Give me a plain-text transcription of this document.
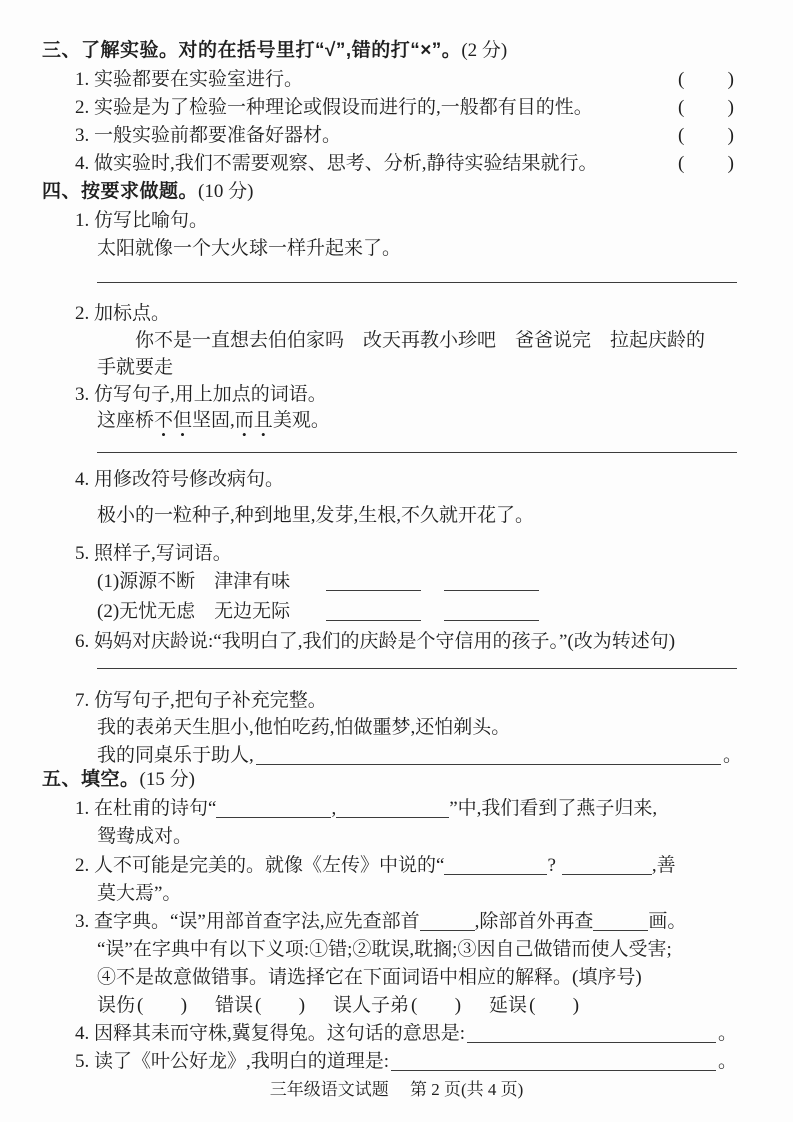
三、了解实验。对的在括号里打“√”,错的打“×”。(2 分)
1. 实验都要在实验室进行。	( )
2. 实验是为了检验一种理论或假设而进行的,一般都有目的性。	( )
3. 一般实验前都要准备好器材。	( )
4. 做实验时,我们不需要观察、思考、分析,静待实验结果就行。	( )
四、按要求做题。(10 分)
1. 仿写比喻句。
太阳就像一个大火球一样升起来了。
2. 加标点。
你不是一直想去伯伯家吗　改天再教小珍吧　爸爸说完　拉起庆龄的
手就要走
3. 仿写句子,用上加点的词语。
这座桥不但坚固,而且美观。
4. 用修改符号修改病句。
极小的一粒种子,种到地里,发芽,生根,不久就开花了。
5. 照样子,写词语。
(1)源源不断　津津有味
(2)无忧无虑　无边无际
6. 妈妈对庆龄说:“我明白了,我们的庆龄是个守信用的孩子。”(改为转述句)
7. 仿写句子,把句子补充完整。
我的表弟天生胆小,他怕吃药,怕做噩梦,还怕剃头。
我的同桌乐于助人,	。
五、填空。(15 分)
1. 在杜甫的诗句“	,	”中,我们看到了燕子归来,
鸳鸯成对。
2. 人不可能是完美的。就像《左传》中说的“	?	,善
莫大焉”。
3. 查字典。“误”用部首查字法,应先查部首	,除部首外再查	画。
“误”在字典中有以下义项:①错;②耽误,耽搁;③因自己做错而使人受害;
④不是故意做错事。请选择它在下面词语中相应的解释。(填序号)
误伤 ( ) 错误 ( ) 误人子弟 ( ) 延误 ( )
4. 因释其耒而守株,冀复得兔。这句话的意思是:	。
5. 读了《叶公好龙》,我明白的道理是:	。
三年级语文试题　 第 2 页(共 4 页)
